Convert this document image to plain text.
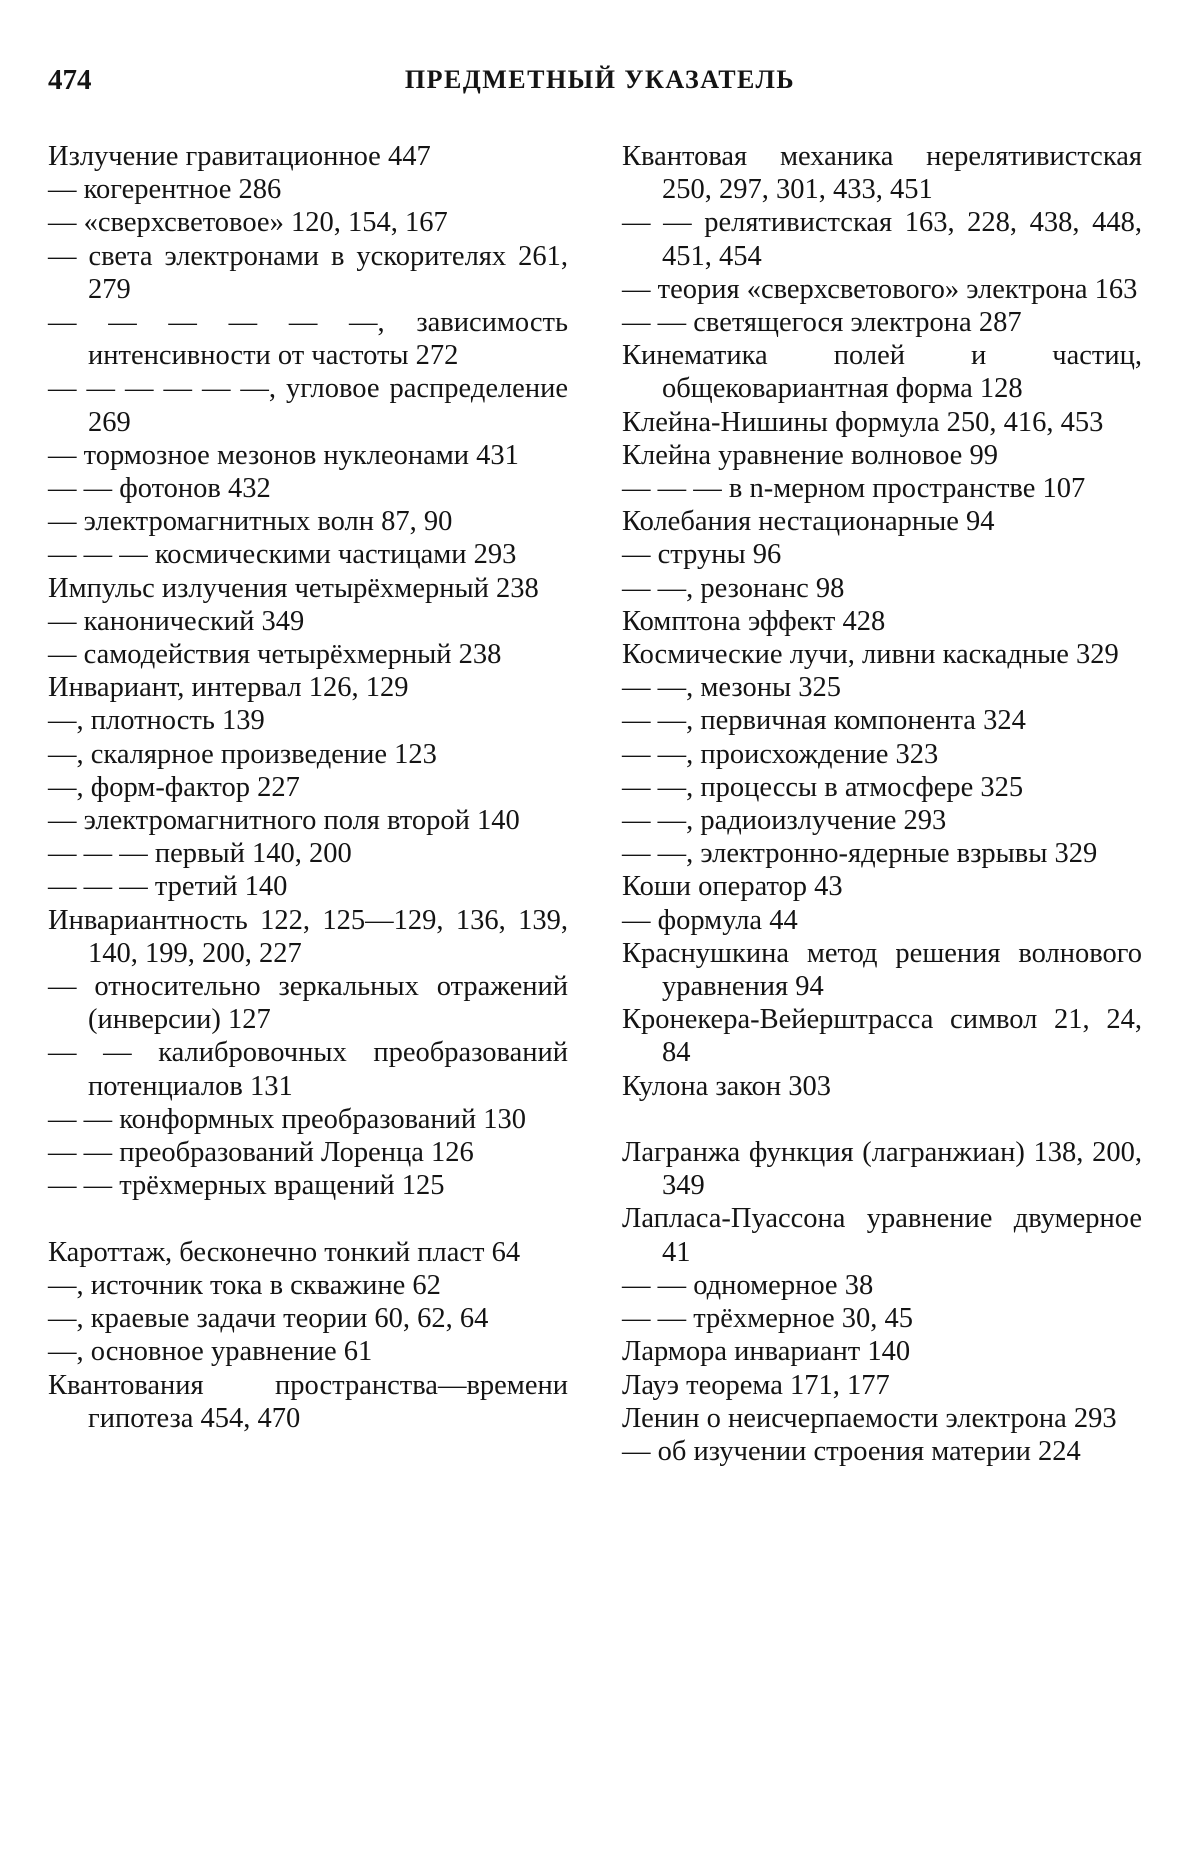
474	ПРЕДМЕТНЫЙ УКАЗАТЕЛЬ
Излучение гравитационное 447
— когерентное 286
— «сверхсветовое» 120, 154, 167
— света электронами в ускорителях 261, 279
— — — — — —, зависимость интенсивности от частоты 272
— — — — — —, угловое распределение 269
— тормозное мезонов нуклеонами 431
— — фотонов 432
— электромагнитных волн 87, 90
— — — космическими частицами 293
Импульс излучения четырёхмерный 238
— канонический 349
— самодействия четырёхмерный 238
Инвариант, интервал 126, 129
—, плотность 139
—, скалярное произведение 123
—, форм-фактор 227
— электромагнитного поля второй 140
— — — первый 140, 200
— — — третий 140
Инвариантность 122, 125—129, 136, 139, 140, 199, 200, 227
— относительно зеркальных отражений (инверсии) 127
— — калибровочных преобразований потенциалов 131
— — конформных преобразований 130
— — преобразований Лоренца 126
— — трёхмерных вращений 125
Кароттаж, бесконечно тонкий пласт 64
—, источник тока в скважине 62
—, краевые задачи теории 60, 62, 64
—, основное уравнение 61
Квантования пространства—времени гипотеза 454, 470
Квантовая механика нерелятивистская 250, 297, 301, 433, 451
— — релятивистская 163, 228, 438, 448, 451, 454
— теория «сверхсветового» электрона 163
— — светящегося электрона 287
Кинематика полей и частиц, общековариантная форма 128
Клейна-Нишины формула 250, 416, 453
Клейна уравнение волновое 99
— — — в n-мерном пространстве 107
Колебания нестационарные 94
— струны 96
— —, резонанс 98
Комптона эффект 428
Космические лучи, ливни каскадные 329
— —, мезоны 325
— —, первичная компонента 324
— —, происхождение 323
— —, процессы в атмосфере 325
— —, радиоизлучение 293
— —, электронно-ядерные взрывы 329
Коши оператор 43
— формула 44
Краснушкина метод решения волнового уравнения 94
Кронекера-Вейерштрасса символ 21, 24, 84
Кулона закон 303
Лагранжа функция (лагранжиан) 138, 200, 349
Лапласа-Пуассона уравнение двумерное 41
— — одномерное 38
— — трёхмерное 30, 45
Лармора инвариант 140
Лауэ теорема 171, 177
Ленин о неисчерпаемости электрона 293
— об изучении строения материи 224
